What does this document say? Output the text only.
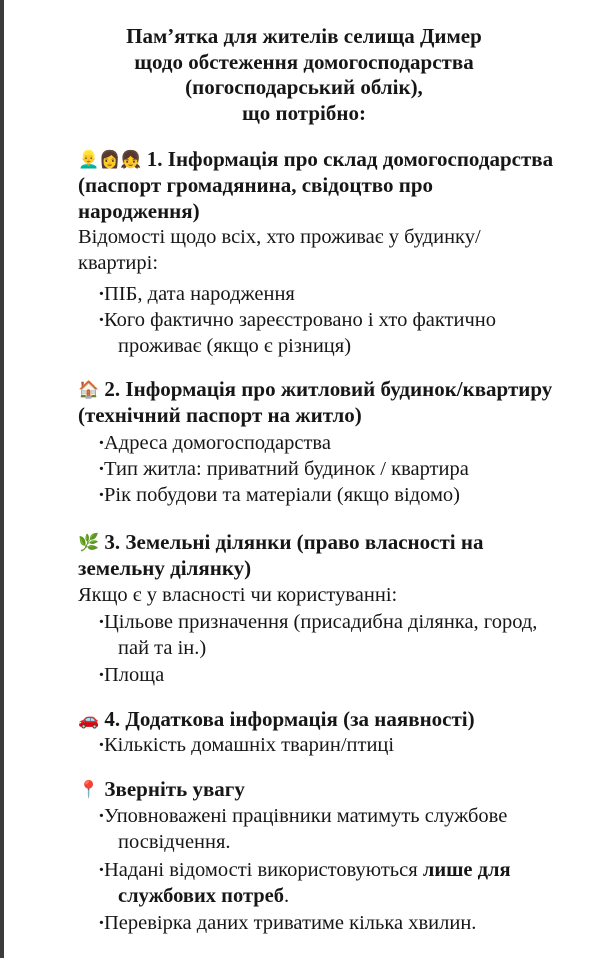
Пам’ятка для жителів селища Димер
щодо обстеження домогосподарства
(погосподарський облік),
що потрібно:
👱‍♂️👩👧 1. Інформація про склад домогосподарства
(паспорт громадянина, свідоцтво про
народження)
Відомості щодо всіх, хто проживає у будинку/
квартирі:
·ПІБ, дата народження
·Кого фактично зареєстровано і хто фактично
проживає (якщо є різниця)
🏠 2. Інформація про житловий будинок/квартиру
(технічний паспорт на житло)
·Адреса домогосподарства
·Тип житла: приватний будинок / квартира
·Рік побудови та матеріали (якщо відомо)
🌿 3. Земельні ділянки (право власності на
земельну ділянку)
Якщо є у власності чи користуванні:
·Цільове призначення (присадибна ділянка, город,
пай та ін.)
·Площа
🚗 4. Додаткова інформація (за наявності)
·Кількість домашніх тварин/птиці
📍 Зверніть увагу
·Уповноважені працівники матимуть службове
посвідчення.
·Надані відомості використовуються лише для
службових потреб.
·Перевірка даних триватиме кілька хвилин.
